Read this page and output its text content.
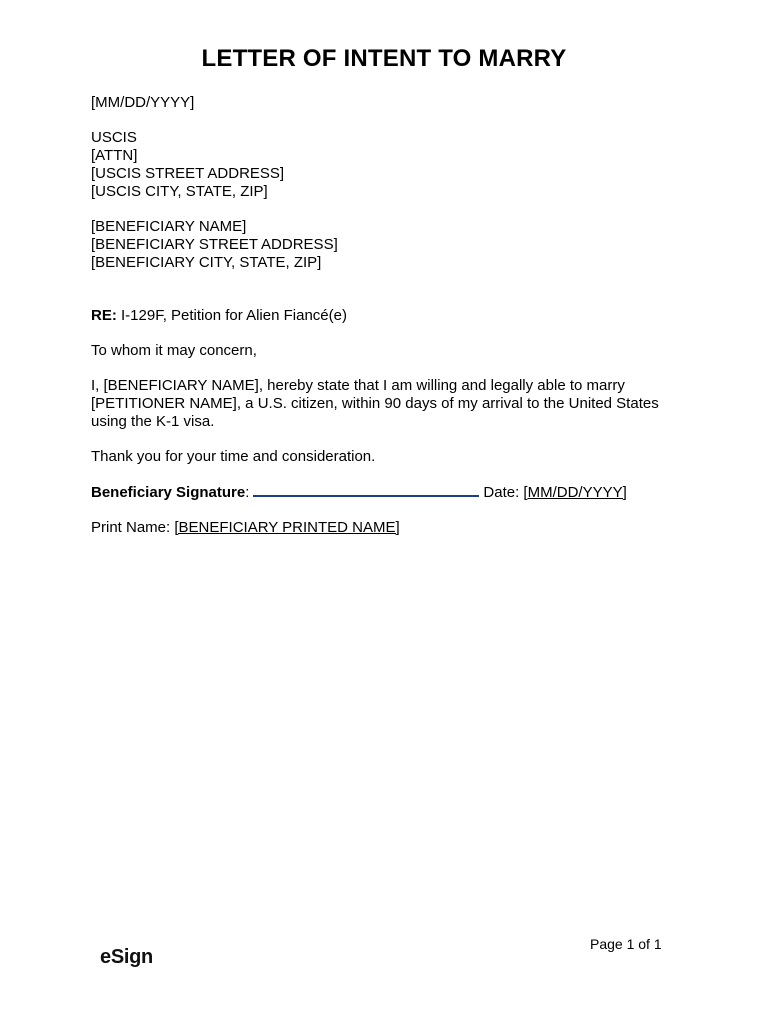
LETTER OF INTENT TO MARRY
[MM/DD/YYYY]
USCIS
[ATTN]
[USCIS STREET ADDRESS]
[USCIS CITY, STATE, ZIP]
[BENEFICIARY NAME]
[BENEFICIARY STREET ADDRESS]
[BENEFICIARY CITY, STATE, ZIP]
RE: I-129F, Petition for Alien Fiancé(e)
To whom it may concern,
I, [BENEFICIARY NAME], hereby state that I am willing and legally able to marry
[PETITIONER NAME], a U.S. citizen, within 90 days of my arrival to the United States
using the K-1 visa.
Thank you for your time and consideration.
Beneficiary Signature:	Date: [MM/DD/YYYY]
Print Name: [BENEFICIARY PRINTED NAME]
Page 1 of 1
eSign
